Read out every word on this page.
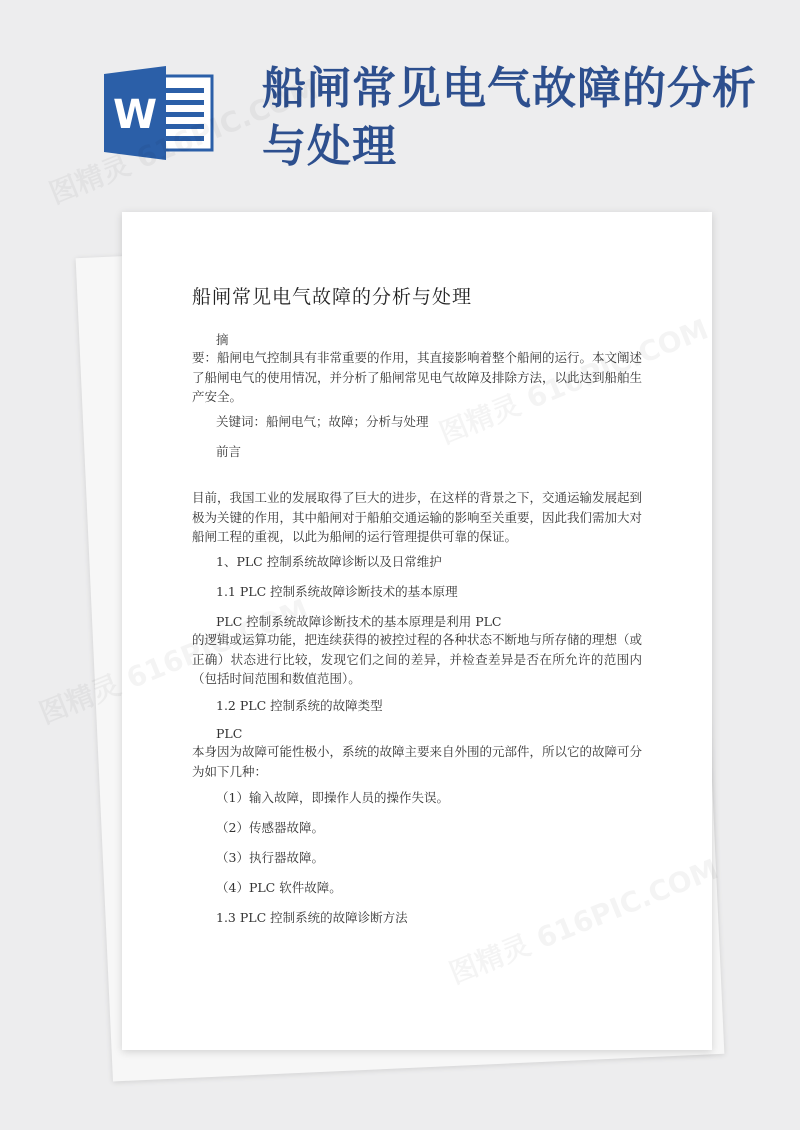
W
船闸常见电气故障的分析与处理
船闸常见电气故障的分析与处理

摘

要：船闸电气控制具有非常重要的作用，其直接影响着整个船闸的运行。本文阐述了船闸电气的使用情况，并分析了船闸常见电气故障及排除方法，以此达到船舶生产安全。

关键词：船闸电气；故障；分析与处理

前言

目前，我国工业的发展取得了巨大的进步，在这样的背景之下，交通运输发展起到极为关键的作用，其中船闸对于船舶交通运输的影响至关重要，因此我们需加大对船闸工程的重视，以此为船闸的运行管理提供可靠的保证。

1、PLC 控制系统故障诊断以及日常维护

1.1 PLC 控制系统故障诊断技术的基本原理

PLC 控制系统故障诊断技术的基本原理是利用 PLC

的逻辑或运算功能，把连续获得的被控过程的各种状态不断地与所存储的理想（或正确）状态进行比较，发现它们之间的差异，并检查差异是否在所允许的范围内（包括时间范围和数值范围）。

1.2 PLC 控制系统的故障类型

PLC

本身因为故障可能性极小，系统的故障主要来自外围的元部件，所以它的故障可分为如下几种：

（1）输入故障，即操作人员的操作失误。

（2）传感器故障。

（3）执行器故障。

（4）PLC 软件故障。

1.3 PLC 控制系统的故障诊断方法
